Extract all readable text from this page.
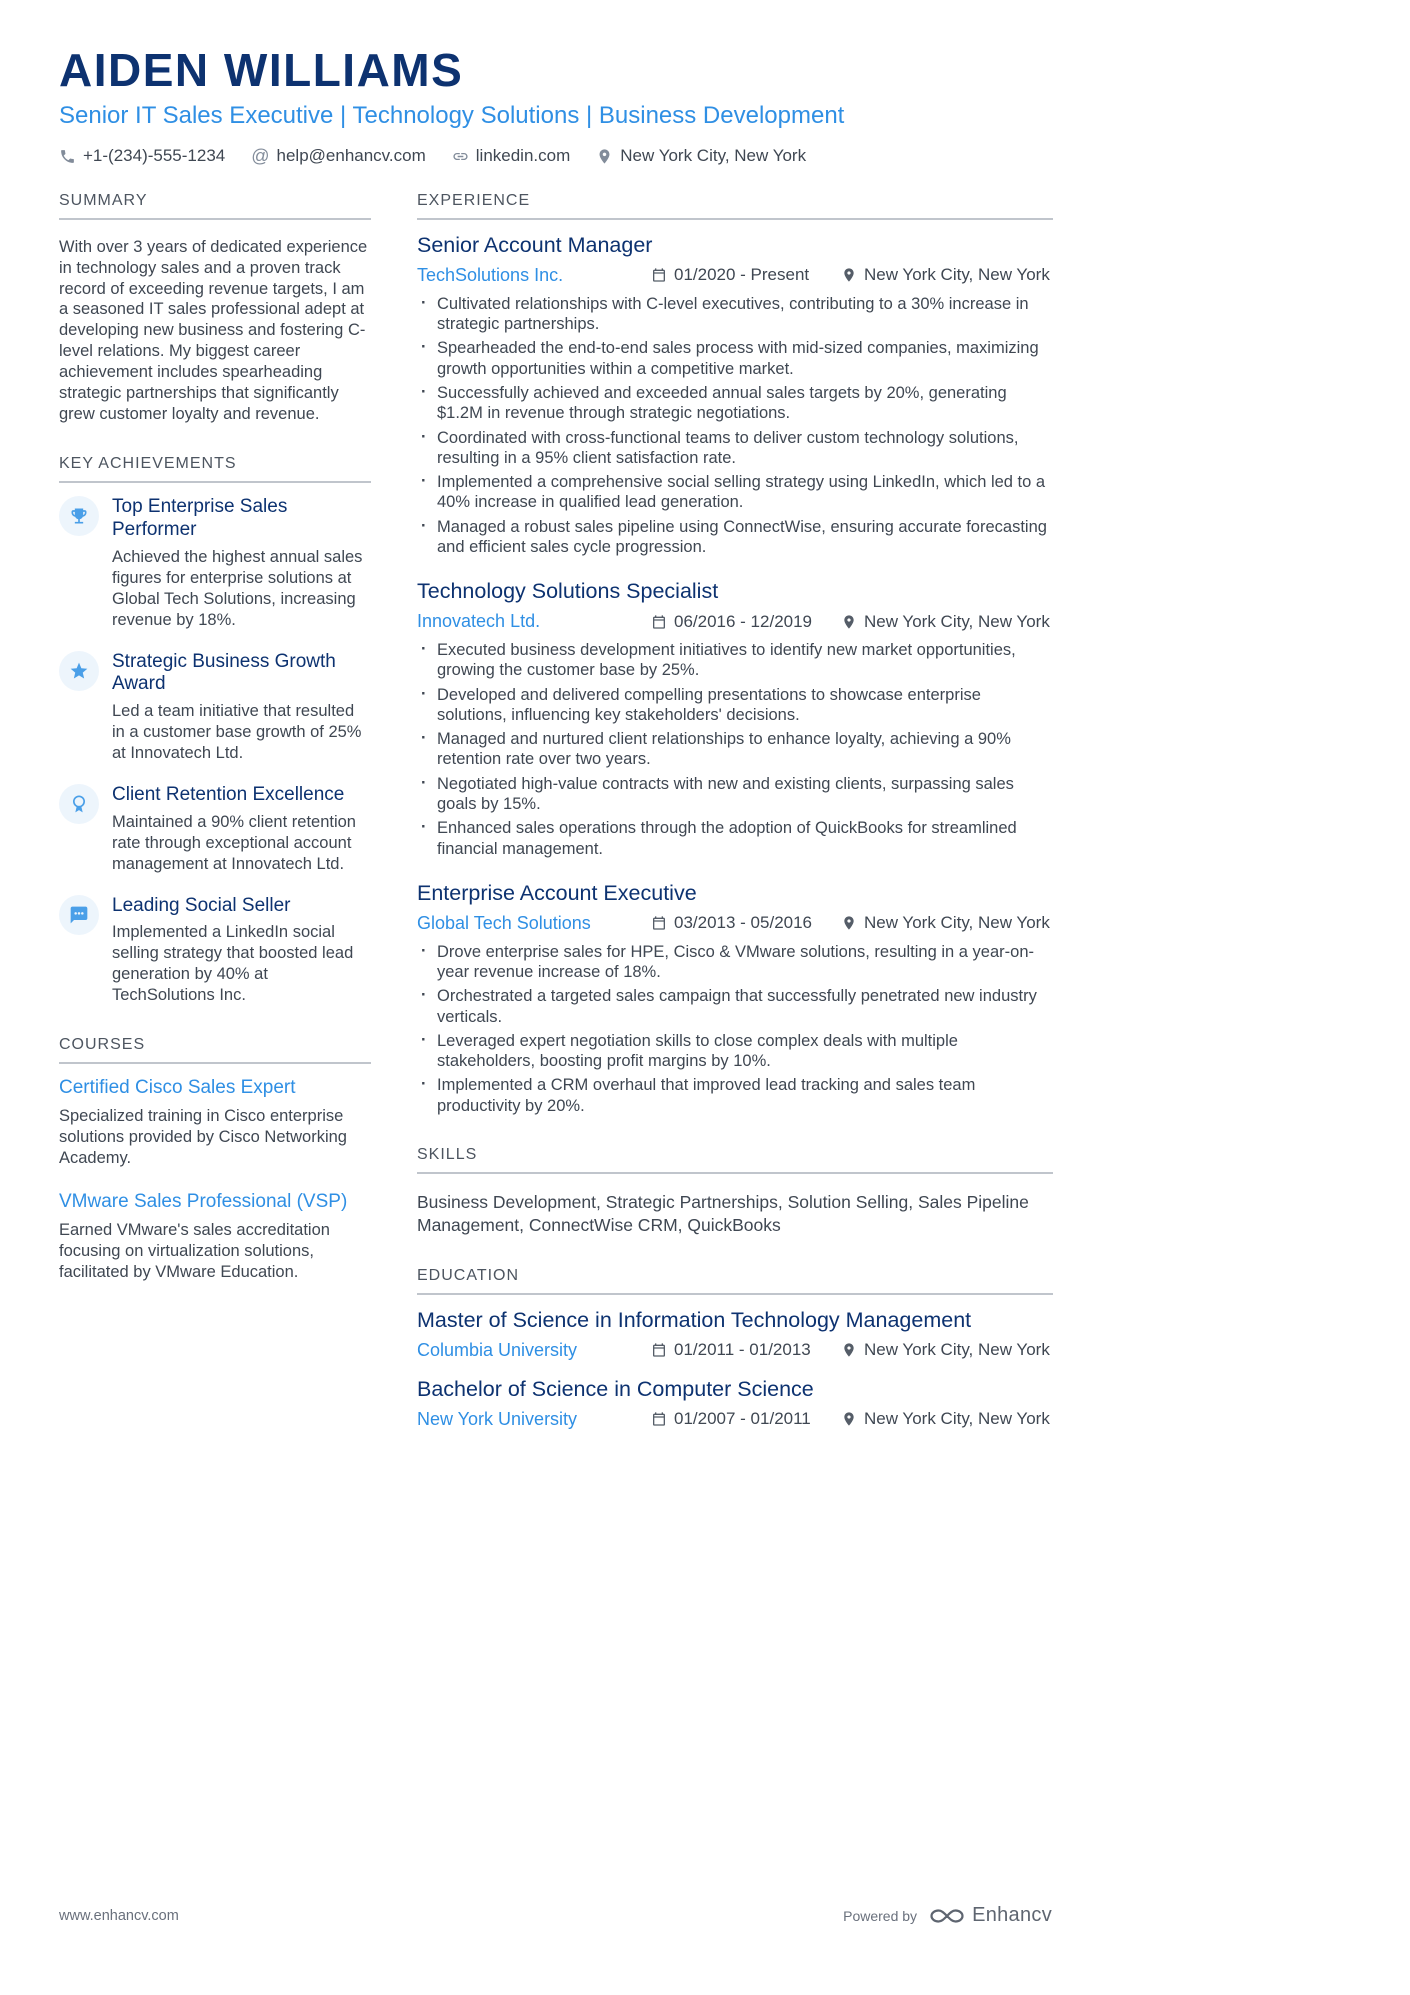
AIDEN WILLIAMS
Senior IT Sales Executive | Technology Solutions | Business Development
+1-(234)-555-1234 @ help@enhancv.com	linkedin.com	New York City, New York
SUMMARY

With over 3 years of dedicated experience in technology sales and a proven track record of exceeding revenue targets, I am a seasoned IT sales professional adept at developing new business and fostering C-level relations. My biggest career achievement includes spearheading strategic partnerships that significantly grew customer loyalty and revenue.

KEY ACHIEVEMENTS
Top Enterprise Sales Performer
Achieved the highest annual sales figures for enterprise solutions at Global Tech Solutions, increasing revenue by 18%.
Strategic Business Growth Award
Led a team initiative that resulted in a customer base growth of 25% at Innovatech Ltd.
Client Retention Excellence
Maintained a 90% client retention rate through exceptional account management at Innovatech Ltd.
Leading Social Seller
Implemented a LinkedIn social selling strategy that boosted lead generation by 40% at TechSolutions Inc.
COURSES
Certified Cisco Sales Expert
Specialized training in Cisco enterprise solutions provided by Cisco Networking Academy.
VMware Sales Professional (VSP)
Earned VMware's sales accreditation focusing on virtualization solutions, facilitated by VMware Education.
EXPERIENCE
Senior Account Manager
TechSolutions Inc.	01/2020 - Present	New York City, New York
· Cultivated relationships with C-level executives, contributing to a 30% increase in strategic partnerships.
· Spearheaded the end-to-end sales process with mid-sized companies, maximizing growth opportunities within a competitive market.
· Successfully achieved and exceeded annual sales targets by 20%, generating $1.2M in revenue through strategic negotiations.
· Coordinated with cross-functional teams to deliver custom technology solutions, resulting in a 95% client satisfaction rate.
· Implemented a comprehensive social selling strategy using LinkedIn, which led to a 40% increase in qualified lead generation.
· Managed a robust sales pipeline using ConnectWise, ensuring accurate forecasting and efficient sales cycle progression.
Technology Solutions Specialist
Innovatech Ltd.	06/2016 - 12/2019	New York City, New York
· Executed business development initiatives to identify new market opportunities, growing the customer base by 25%.
· Developed and delivered compelling presentations to showcase enterprise solutions, influencing key stakeholders' decisions.
· Managed and nurtured client relationships to enhance loyalty, achieving a 90% retention rate over two years.
· Negotiated high-value contracts with new and existing clients, surpassing sales goals by 15%.
· Enhanced sales operations through the adoption of QuickBooks for streamlined financial management.
Enterprise Account Executive
Global Tech Solutions	03/2013 - 05/2016	New York City, New York
· Drove enterprise sales for HPE, Cisco & VMware solutions, resulting in a year-on-year revenue increase of 18%.
· Orchestrated a targeted sales campaign that successfully penetrated new industry verticals.
· Leveraged expert negotiation skills to close complex deals with multiple stakeholders, boosting profit margins by 10%.
· Implemented a CRM overhaul that improved lead tracking and sales team productivity by 20%.
SKILLS

Business Development, Strategic Partnerships, Solution Selling, Sales Pipeline Management, ConnectWise CRM, QuickBooks

EDUCATION
Master of Science in Information Technology Management
Columbia University	01/2011 - 01/2013	New York City, New York
Bachelor of Science in Computer Science
New York University	01/2007 - 01/2011	New York City, New York
www.enhancv.com	Powered by	Enhancv
